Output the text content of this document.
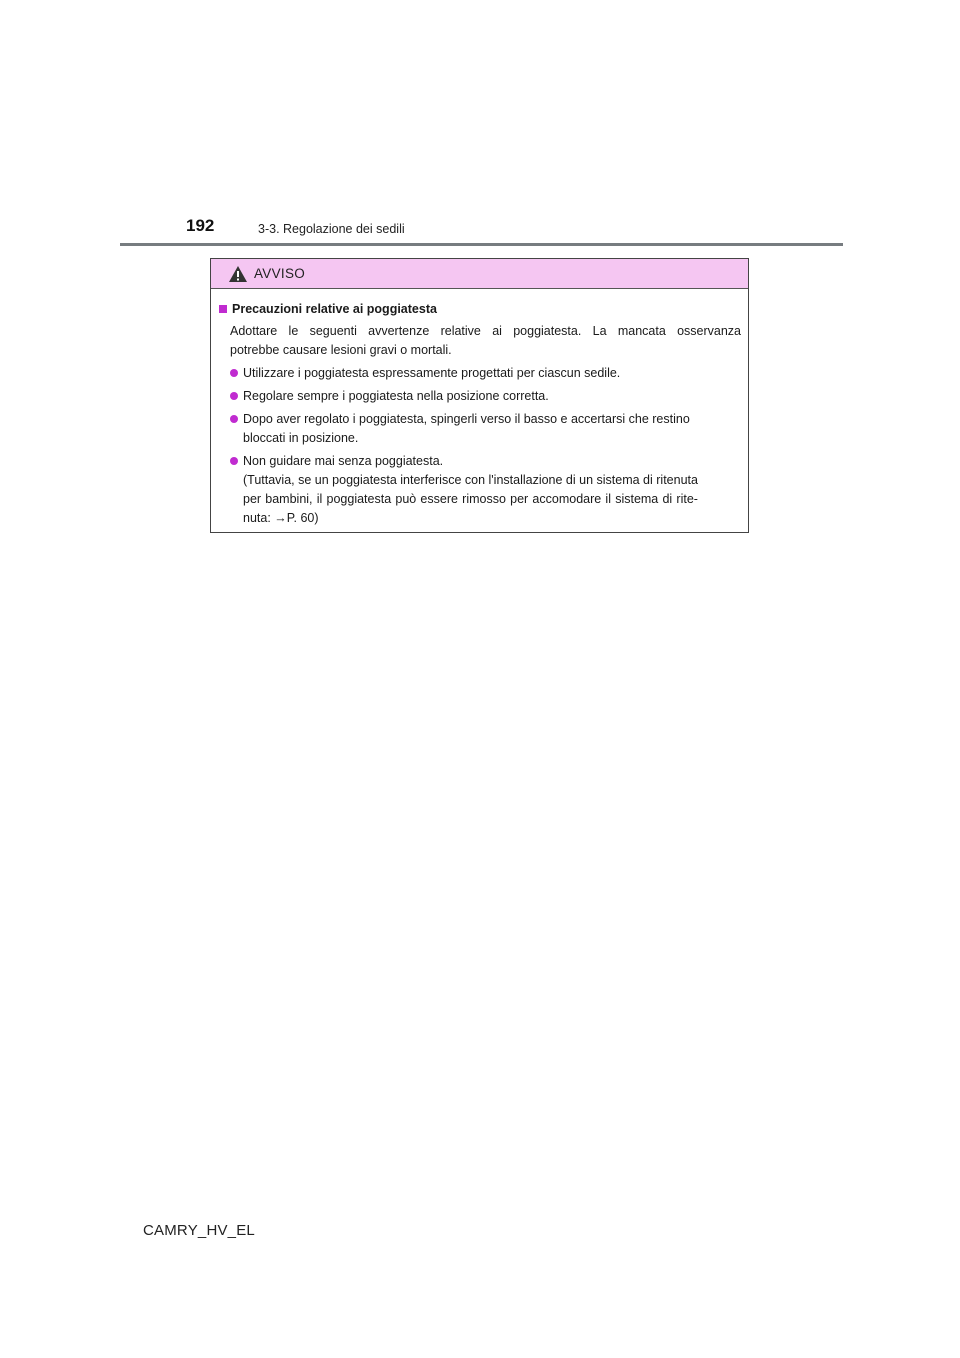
192	3-3. Regolazione dei sedili
AVVISO
Precauzioni relative ai poggiatesta
Adottare le seguenti avvertenze relative ai poggiatesta. La mancata osservanza
potrebbe causare lesioni gravi o mortali.
Utilizzare i poggiatesta espressamente progettati per ciascun sedile.
Regolare sempre i poggiatesta nella posizione corretta.
Dopo aver regolato i poggiatesta, spingerli verso il basso e accertarsi che restino
bloccati in posizione.
Non guidare mai senza poggiatesta.
(Tuttavia, se un poggiatesta interferisce con l'installazione di un sistema di ritenuta
per bambini, il poggiatesta può essere rimosso per accomodare il sistema di rite-
nuta: →P. 60)
CAMRY_HV_EL
